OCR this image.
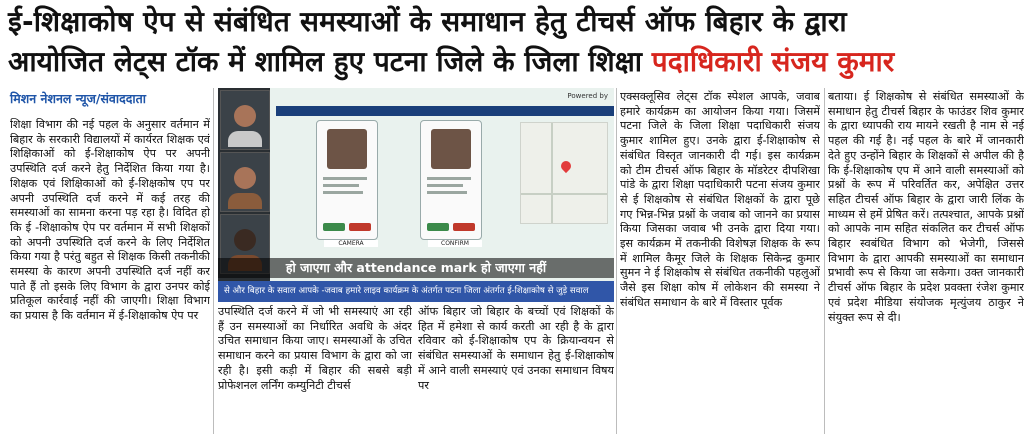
ई-शिक्षाकोष ऐप से संबंधित समस्याओं के समाधान हेतु टीचर्स ऑफ बिहार के द्वारा
आयोजित लेट्स टॉक में शामिल हुए पटना जिले के जिला शिक्षा पदाधिकारी संजय कुमार
मिशन नेशनल न्यूज/संवाददाता
शिक्षा विभाग की नई पहल के अनुसार वर्तमान में बिहार के सरकारी विद्यालयों में कार्यरत शिक्षक एवं शिक्षिकाओं को ई-शिक्षाकोष ऐप पर अपनी उपस्थिति दर्ज करने हेतु निर्देशित किया गया है। शिक्षक एवं शिक्षिकाओं को ई-शिक्षकोष एप पर अपनी उपस्थिति दर्ज करने में कई तरह की समस्याओं का सामना करना पड़ रहा है। विदित हो कि ई -शिक्षाकोष ऐप पर वर्तमान में सभी शिक्षकों को अपनी उपस्थिति दर्ज करने के लिए निर्देशित किया गया है परंतु बहुत से शिक्षक किसी तकनीकी समस्या के कारण अपनी उपस्थिति दर्ज नहीं कर पाते हैं तो इसके लिए विभाग के द्वारा उनपर कोई प्रतिकूल कार्रवाई नहीं की जाएगी। शिक्षा विभाग का प्रयास है कि वर्तमान में ई-शिक्षाकोष ऐप पर
Powered by
CAMERA	CONFIRM
हो जाएगा और attendance mark हो जाएगा नहीं
से और बिहार के सवाल आपके -जवाब हमारे लाइव कार्यक्रम के अंतर्गत पटना जिला अंतर्गत ई-शिक्षाकोष से जुड़े सवाल
उपस्थिति दर्ज करने में जो भी समस्याएं आ रही हैं उन समस्याओं का निर्धारित अवधि के अंदर उचित समाधान किया जाए। समस्याओं के उचित समाधान करने का प्रयास विभाग के द्वारा को जा रही है। इसी कड़ी में बिहार की सबसे बड़ी प्रोफेशनल लर्निंग कम्युनिटी टीचर्स
ऑफ बिहार जो बिहार के बच्चों एवं शिक्षकों के हित में हमेशा से कार्य करती आ रही है के द्वारा रविवार को ई-शिक्षाकोष एप के क्रियान्वयन से संबंधित समस्याओं के समाधान हेतु ई-शिक्षाकोष में आने वाली समस्याएं एवं उनका समाधान विषय पर
एक्सक्लूसिव लेट्स टॉक स्पेशल आपके, जवाब हमारे कार्यक्रम का आयोजन किया गया। जिसमें पटना जिले के जिला शिक्षा पदाधिकारी संजय कुमार शामिल हुए। उनके द्वारा ई-शिक्षाकोष से संबंधित विस्तृत जानकारी दी गई। इस कार्यक्रम को टीम टीचर्स ऑफ बिहार के मॉडरेटर दीपशिखा पांडे के द्वारा शिक्षा पदाधिकारी पटना संजय कुमार से ई शिक्षकोष से संबंधित शिक्षकों के द्वारा पूछे गए भिन्न-भिन्न प्रश्नों के जवाब को जानने का प्रयास किया जिसका जवाब भी उनके द्वारा दिया गया। इस कार्यक्रम में तकनीकी विशेषज्ञ शिक्षक के रूप में शामिल कैमूर जिले के शिक्षक सिकेन्द्र कुमार सुमन ने ई शिक्षकोष से संबंधित तकनीकी पहलुओं जैसे इस शिक्षा कोष में लोकेशन की समस्या ने संबंधित समाधान के बारे में विस्तार पूर्वक
बताया। ई शिक्षकोष से संबंधित समस्याओं के समाधान हेतु टीचर्स बिहार के फाउंडर शिव कुमार के द्वारा ध्यापकी राय मायने रखती है नाम से नई पहल की गई है। नई पहल के बारे में जानकारी देते हुए उन्होंने बिहार के शिक्षकों से अपील की है कि ई-शिक्षाकोष एप में आने वाली समस्याओं को प्रश्नों के रूप में परिवर्तित कर, अपेक्षित उत्तर सहित टीचर्स ऑफ बिहार के द्वारा जारी लिंक के माध्यम से हमें प्रेषित करें। तत्पश्चात, आपके प्रश्नों को आपके नाम सहित संकलित कर टीचर्स ऑफ बिहार स्वबंधित विभाग को भेजेगी, जिससे विभाग के द्वारा आपकी समस्याओं का समाधान प्रभावी रूप से किया जा सकेगा। उक्त जानकारी टीचर्स ऑफ बिहार के प्रदेश प्रवक्ता रंजेश कुमार एवं प्रदेश मीडिया संयोजक मृत्युंजय ठाकुर ने संयुक्त रूप से दी।
